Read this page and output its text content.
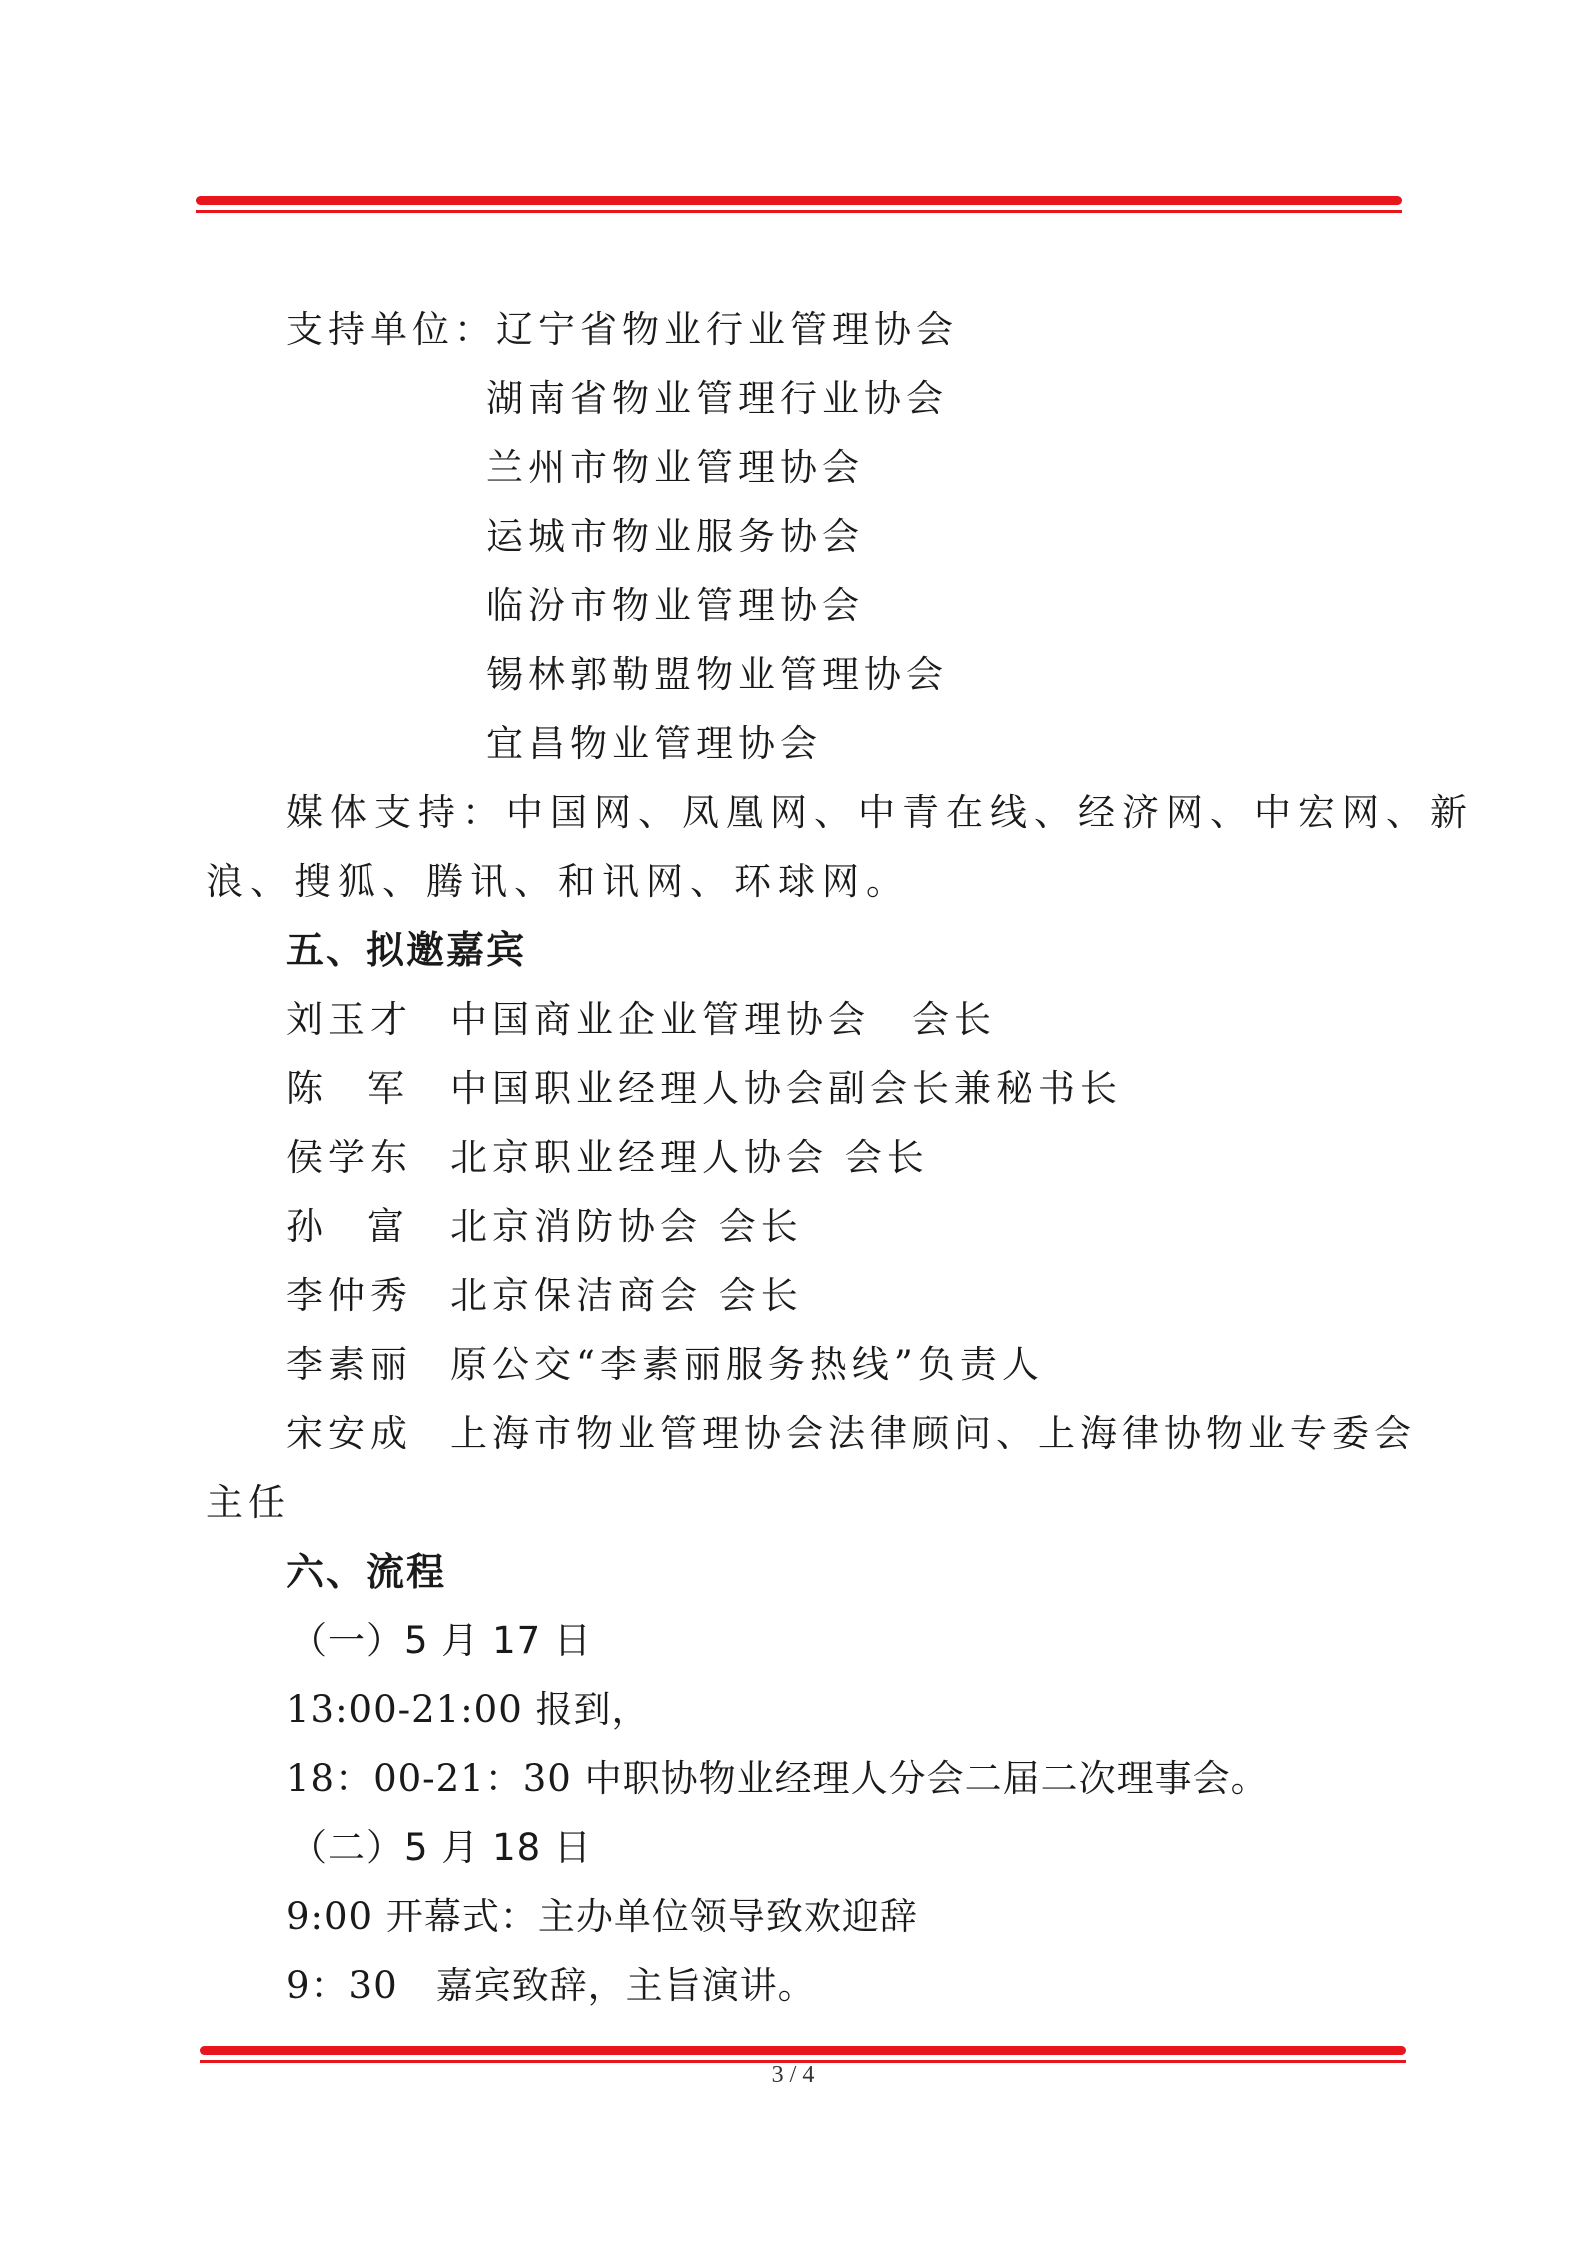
支持单位：辽宁省物业行业管理协会
湖南省物业管理行业协会
兰州市物业管理协会
运城市物业服务协会
临汾市物业管理协会
锡林郭勒盟物业管理协会
宜昌物业管理协会
媒体支持：中国网、凤凰网、中青在线、经济网、中宏网、新
浪、搜狐、腾讯、和讯网、环球网。
五、拟邀嘉宾
刘玉才 中国商业企业管理协会　会长
陈军中国职业经理人协会副会长兼秘书长
侯学东 北京职业经理人协会 会长
孙富北京消防协会 会长
李仲秀 北京保洁商会 会长
李素丽 原公交“李素丽服务热线”负责人
宋安成 上海市物业管理协会法律顾问、上海律协物业专委会
主任
六、流程
（一）5 月 17 日
13:00-21:00 报到，
18：00-21：30 中职协物业经理人分会二届二次理事会。
（二）5 月 18 日
9:00 开幕式：主办单位领导致欢迎辞
9：30　嘉宾致辞，主旨演讲。
3 / 4
